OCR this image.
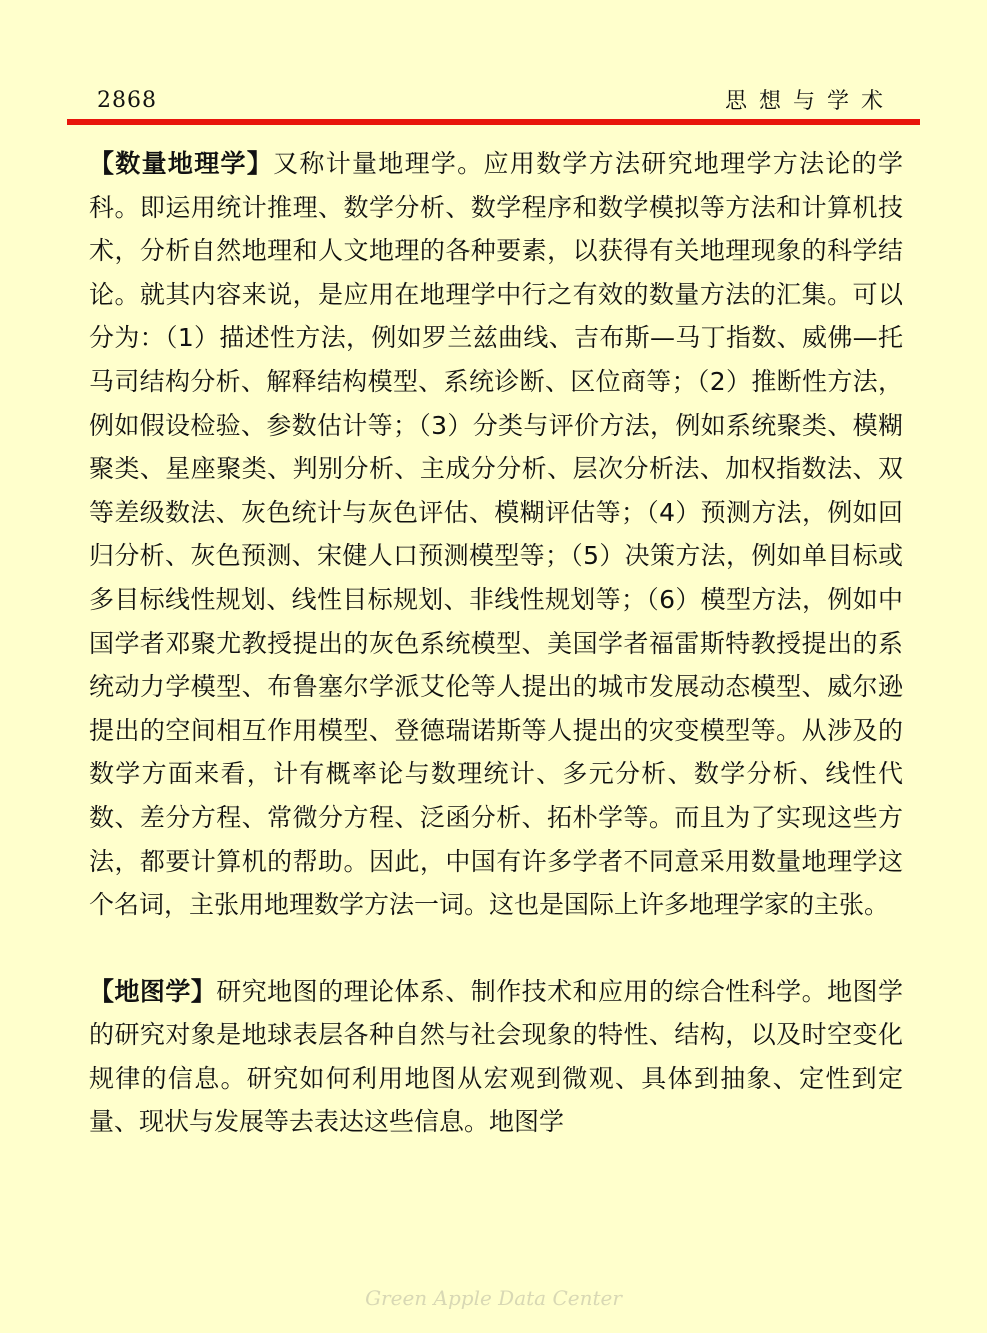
2868	思想与学术

【数量地理学】又称计量地理学。应用数学方法研究地理学方法论的学科。即运用统计推理、数学分析、数学程序和数学模拟等方法和计算机技术，分析自然地理和人文地理的各种要素，以获得有关地理现象的科学结论。就其内容来说，是应用在地理学中行之有效的数量方法的汇集。可以分为：（1）描述性方法，例如罗兰兹曲线、吉布斯—马丁指数、威佛—托马司结构分析、解释结构模型、系统诊断、区位商等；（2）推断性方法，例如假设检验、参数估计等；（3）分类与评价方法，例如系统聚类、模糊聚类、星座聚类、判别分析、主成分分析、层次分析法、加权指数法、双等差级数法、灰色统计与灰色评估、模糊评估等；（4）预测方法，例如回归分析、灰色预测、宋健人口预测模型等；（5）决策方法，例如单目标或多目标线性规划、线性目标规划、非线性规划等；（6）模型方法，例如中国学者邓聚尤教授提出的灰色系统模型、美国学者福雷斯特教授提出的系统动力学模型、布鲁塞尔学派艾伦等人提出的城市发展动态模型、威尔逊提出的空间相互作用模型、登德瑞诺斯等人提出的灾变模型等。从涉及的数学方面来看，计有概率论与数理统计、多元分析、数学分析、线性代数、差分方程、常微分方程、泛函分析、拓朴学等。而且为了实现这些方法，都要计算机的帮助。因此，中国有许多学者不同意采用数量地理学这个名词，主张用地理数学方法一词。这也是国际上许多地理学家的主张。

【地图学】研究地图的理论体系、制作技术和应用的综合性科学。地图学的研究对象是地球表层各种自然与社会现象的特性、结构，以及时空变化规律的信息。研究如何利用地图从宏观到微观、具体到抽象、定性到定量、现状与发展等去表达这些信息。地图学

Green Apple Data Center
